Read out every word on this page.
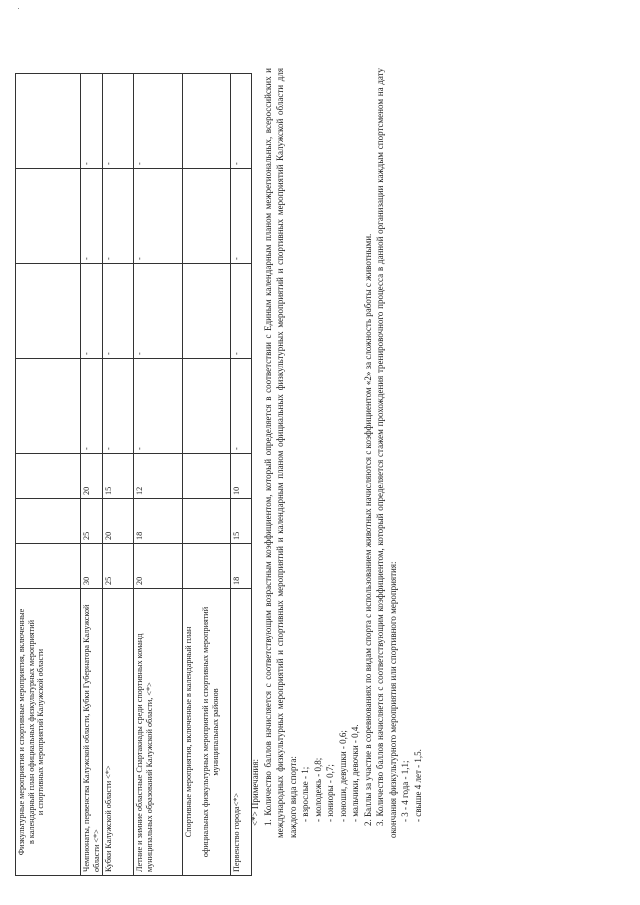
Физкультурные мероприятия и спортивные мероприятия, включенные в календарный план официальных физкультурных мероприятий и спортивных мероприятий Калужской области							

Чемпионаты, первенства Калужской области, Кубки Губернатора Калужской области <*>	30	25	20	-	-	-	-
Кубки Калужской области <*>	25	20	15	-	-	-	-
Летние и зимние областные Спартакиады среди спортивных команд муниципальных образований Калужской области, <*>	20	18	12	-	-	-	-

Спортивные мероприятия, включенные в календарный план официальных физкультурных мероприятий и спортивных мероприятий муниципальных районов							

Первенство города<*>	18	15	10	-	-	-	-

<*> Примечания: 1. Количество баллов начисляется с соответствующим возрастным коэффициентом, который определяется в соответствии с Единым календарным планом межрегиональных, всероссийских и международных физкультурных мероприятий и спортивных мероприятий и календарным планом официальных физкультурных мероприятий и спортивных мероприятий Калужской области для каждого вида спорта: - взрослые - 1; - молодежь - 0,8; - юниоры - 0,7; - юноши, девушки - 0,6; - мальчики, девочки - 0,4. 2. Баллы за участие в соревнованиях по видам спорта с использованием животных начисляются с коэффициентом «2» за сложность работы с животными. 3. Количество баллов начисляется с соответствующим коэффициентом, который определяется стажем прохождения тренировочного процесса в данной организации каждым спортсменом на дату окончания физкультурного мероприятия или спортивного мероприятия: - 3 - 4 года - 1,1; - свыше 4 лет - 1,5.
